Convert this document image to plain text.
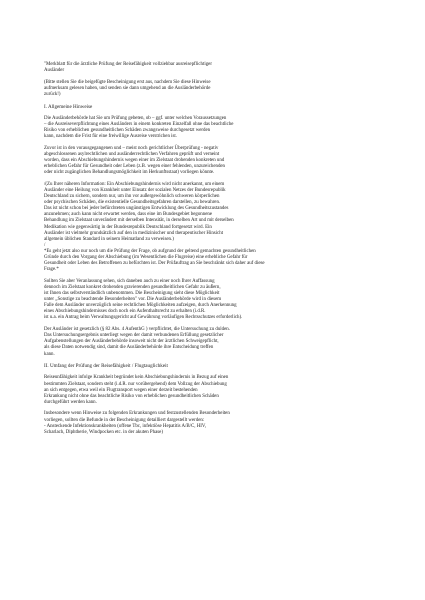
"Merkblatt für die ärztliche Prüfung der Reisefähigkeit vollziehbar ausreisepflichtiger
Ausländer
(Bitte stellen Sie die beigefügte Bescheinigung erst aus, nachdem Sie diese Hinweise
aufmerksam gelesen haben, und senden sie dann umgehend an die Ausländerbehörde
zurück!)
I. Allgemeine Hinweise
Die Ausländerbehörde hat Sie um Prüfung gebeten, ob – ggf. unter welchen Voraussetzungen
– die Ausreiseverpflichtung eines Ausländers in einem konkreten Einzelfall ohne das beachtliche
Risiko von erheblichen gesundheitlichen Schäden zwangsweise durchgesetzt werden
kann, nachdem die Frist für eine freiwillige Ausreise verstrichen ist.
Zuvor ist in den vorausgegangenen und – meist noch gerichtlicher Überprüfung - negativ
abgeschlossenen asylrechtlichen und ausländerrechtlichen Verfahren geprüft und verneint
worden, dass ein Abschiebungshindernis wegen einer im Zielstaat drohenden konkreten und
erheblichen Gefahr für Gesundheit oder Leben (z.B. wegen einer fehlenden, unzureichenden
oder nicht zugänglichen Behandlungsmöglichkeit im Herkunftsstaat) vorliegen könnte.
/(Zu Ihrer näheren Information: Ein Abschiebungshindernis wird nicht anerkannt, um einem
Ausländer eine Heilung von Krankheit unter Einsatz der sozialen Netzes der Bundesrepublik
Deutschland zu sichern, sondern nur, um ihn vor außergewöhnlich schweren körperlichen
oder psychischen Schäden, die existentielle Gesundheitsgefahren darstellen, zu bewahren.
Das ist nicht schon bei jeder befürchteten ungünstigen Entwicklung des Gesundheitszustandes
anzunehmen; auch kann nicht erwartet werden, dass eine im Bundesgebiet begonnene
Behandlung im Zielstaat unverändert mit derselben Intensität, in derselben Art und mit derselben
Medikation wie gegenwärtig in der Bundesrepublik Deutschland fortgesetzt wird. Ein
Ausländer ist vielmehr grundsätzlich auf den in medizinischer und therapeutischer Hinsicht
allgemein üblichen Standard in seinem Heimatland zu verweisen.)
/
*Es geht jetzt also nur noch um die Prüfung der Frage, ob aufgrund der geltend gemachten gesundheitlichen
Gründe durch den Vorgang der Abschiebung (im Wesentlichen die Flugreise) eine erhebliche Gefahr für
Gesundheit oder Leben des Betroffenen zu befürchten ist. Der Prüfauftrag an Sie beschränkt sich daher auf diese
Frage.*
Sollten Sie aber Veranlassung sehen, sich daneben auch zu einer noch Ihrer Auffassung
dennoch im Zielstaat konkret drohenden gravierenden gesundheitlichen Gefahr zu äußern,
ist Ihnen das selbstverständlich unbenommen. Die Bescheinigung sieht diese Möglichkeit
unter „Sonstige zu beachtende Besonderheiten" vor. Die Ausländerbehörde wird in diesem
Falle dem Ausländer unverzüglich seine rechtlichen Möglichkeiten aufzeigen, durch Anerkennung
eines Abschiebungshindernisses doch noch ein Aufenthaltsrecht zu erhalten (i.d.R.
ist u.a. ein Antrag beim Verwaltungsgericht auf Gewährung vorläufigen Rechtsschutzes erforderlich).
Der Ausländer ist gesetzlich (§ 82 Abs. 4 AufenthG ) verpflichtet, die Untersuchung zu dulden.
Das Untersuchungsergebnis unterliegt wegen der damit verbundenen Erfüllung gesetzlicher
Aufgabenstellungen der Ausländerbehörde insoweit nicht der ärztlichen Schweigepflicht,
als diese Daten notwendig sind, damit die Ausländerbehörde ihre Entscheidung treffen
kann.
II. Umfang der Prüfung der Reisefähigkeit / Flugtauglichkeit
Reiseunfähigkeit infolge Krankheit begründet kein Abschiebungshindernis in Bezug auf einen
bestimmten Zielstaat, sondern steht (i.d.R. nur vorübergehend) dem Vollzug der Abschiebung
an sich entgegen, etwa weil ein Flugtransport wegen einer derzeit bestehenden
Erkrankung nicht ohne das beachtliche Risiko von erheblichen gesundheitlichen Schäden
durchgeführt werden kann.
Insbesondere wenn Hinweise zu folgenden Erkrankungen und festzustellenden Besonderheiten
vorliegen, sollten die Befunde in der Bescheinigung detailliert dargestellt werden:
- Ansteckende Infektionskrankheiten (offene Tbc, infektiöse Hepatitis A/B/C, HIV,
Scharlach, Diphtherie, Windpocken etc. in der akuten Phase)
